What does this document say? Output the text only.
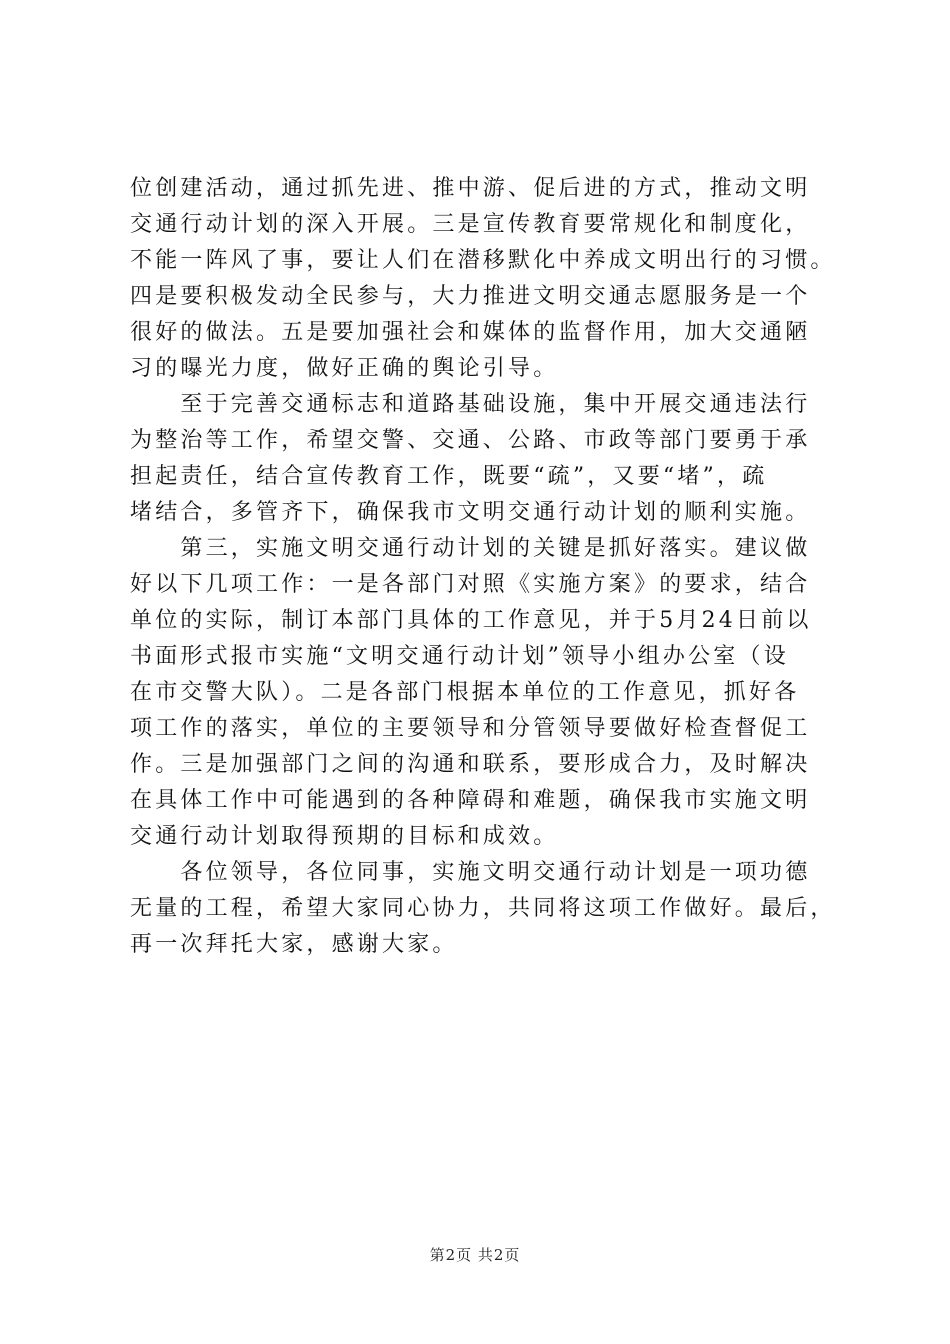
位创建活动，通过抓先进、推中游、促后进的方式，推动文明
交通行动计划的深入开展。三是宣传教育要常规化和制度化，
不能一阵风了事，要让人们在潜移默化中养成文明出行的习惯。
四是要积极发动全民参与，大力推进文明交通志愿服务是一个
很好的做法。五是要加强社会和媒体的监督作用，加大交通陋
习的曝光力度，做好正确的舆论引导。
　　至于完善交通标志和道路基础设施，集中开展交通违法行
为整治等工作，希望交警、交通、公路、市政等部门要勇于承
担起责任，结合宣传教育工作，既要“疏”，又要“堵”，疏
堵结合，多管齐下，确保我市文明交通行动计划的顺利实施。
　　第三，实施文明交通行动计划的关键是抓好落实。建议做
好以下几项工作：一是各部门对照《实施方案》的要求，结合
单位的实际，制订本部门具体的工作意见，并于5月24日前以
书面形式报市实施“文明交通行动计划”领导小组办公室（设
在市交警大队）。二是各部门根据本单位的工作意见，抓好各
项工作的落实，单位的主要领导和分管领导要做好检查督促工
作。三是加强部门之间的沟通和联系，要形成合力，及时解决
在具体工作中可能遇到的各种障碍和难题，确保我市实施文明
交通行动计划取得预期的目标和成效。
　　各位领导，各位同事，实施文明交通行动计划是一项功德
无量的工程，希望大家同心协力，共同将这项工作做好。最后，
再一次拜托大家，感谢大家。
第2页 共2页
